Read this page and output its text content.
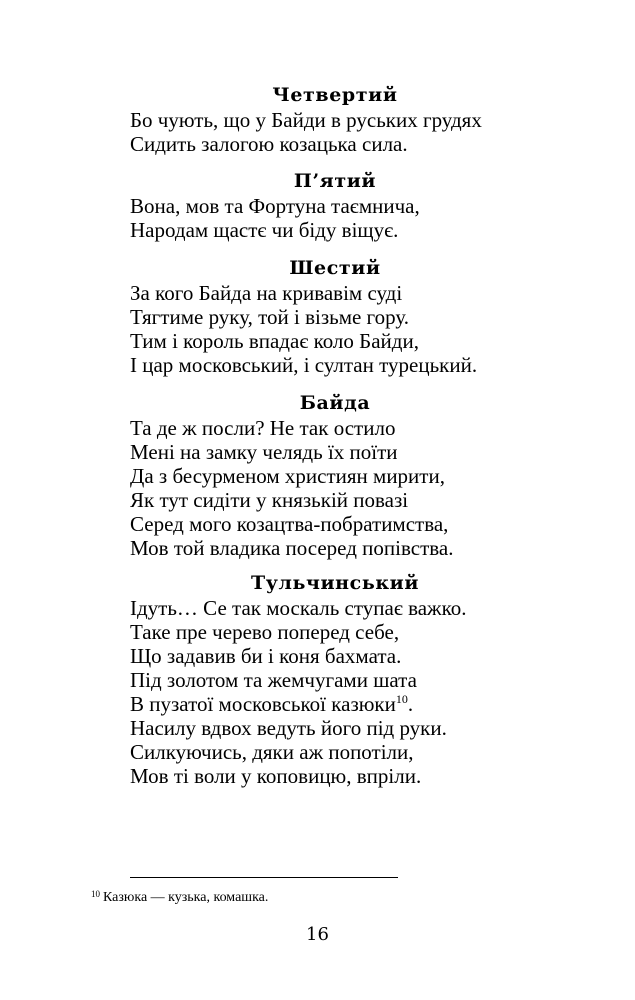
Четвертий
Бо чують, що у Байди в руських грудях
Сидить залогою козацька сила.
П’ятий
Вона, мов та Фортуна таємнича,
Народам щастє чи біду віщує.
Шестий
За кого Байда на кривавім суді
Тягтиме руку, той і візьме гору.
Тим і король впадає коло Байди,
І цар московський, і султан турецький.
Байда
Та де ж посли? Не так остило
Мені на замку челядь їх поїти
Да з бесурменом християн мирити,
Як тут сидіти у князькій повазі
Серед мого козацтва-побратимства,
Мов той владика посеред попівства.
Тульчинський
Ідуть… Се так москаль ступає важко.
Таке пре черево поперед себе,
Що задавив би і коня бахмата.
Під золотом та жемчугами шата
В пузатої московської казюки$^{10}$.
Насилу вдвох ведуть його під руки.
Силкуючись, дяки аж попотіли,
Мов ті воли у коповицю, впріли.
$^{10}$ Казюка — кузька, комашка.
16
